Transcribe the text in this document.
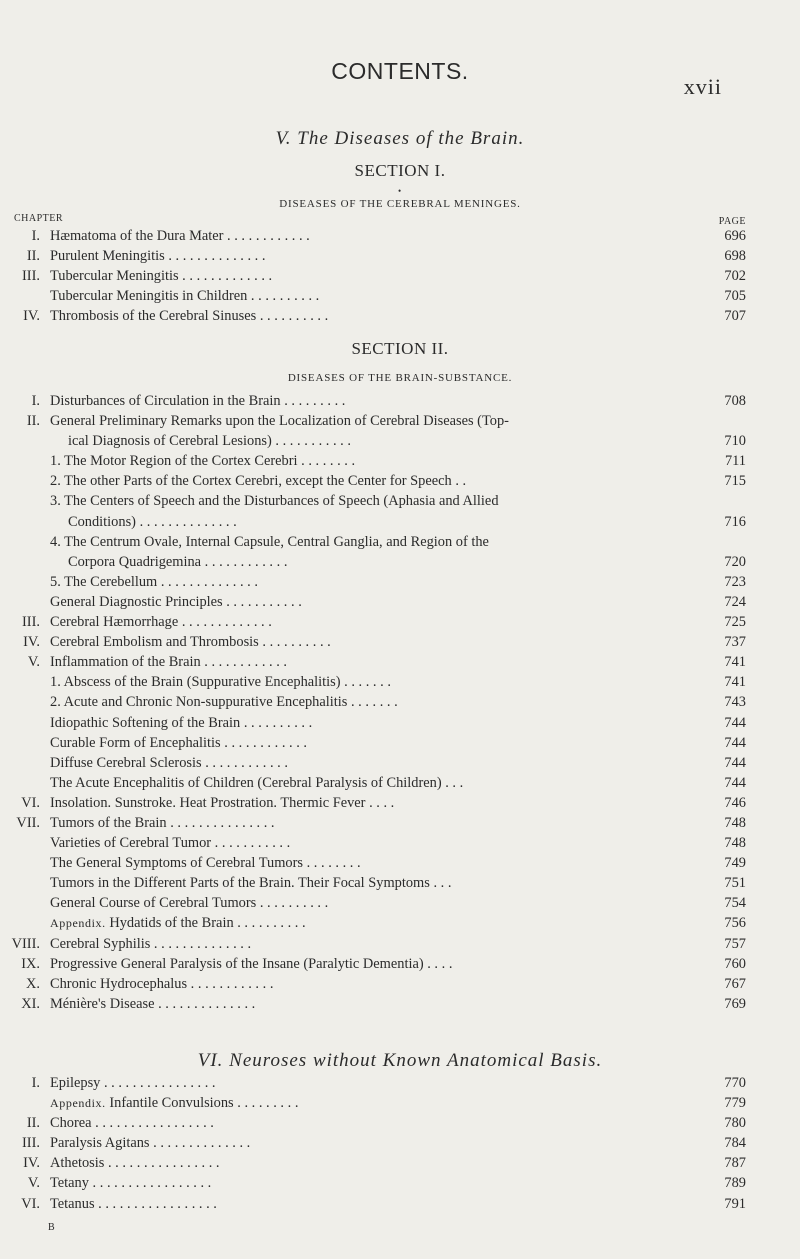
CONTENTS.
xvii
V. The Diseases of the Brain.
SECTION I.
•
DISEASES OF THE CEREBRAL MENINGES.
CHAPTER	PAGE
I. Hæmatoma of the Dura Mater . . . . . . . . . . . .	696
II. Purulent Meningitis . . . . . . . . . . . . . .	698
III. Tubercular Meningitis . . . . . . . . . . . . .	702
Tubercular Meningitis in Children . . . . . . . . . .	705
IV. Thrombosis of the Cerebral Sinuses . . . . . . . . . .	707
SECTION II.
DISEASES OF THE BRAIN-SUBSTANCE.
I. Disturbances of Circulation in the Brain . . . . . . . . .	708
II. General Preliminary Remarks upon the Localization of Cerebral Diseases (Top-
ical Diagnosis of Cerebral Lesions) . . . . . . . . . . .	710
1. The Motor Region of the Cortex Cerebri . . . . . . . .	711
2. The other Parts of the Cortex Cerebri, except the Center for Speech . .	715
3. The Centers of Speech and the Disturbances of Speech (Aphasia and Allied
Conditions) . . . . . . . . . . . . . .	716
4. The Centrum Ovale, Internal Capsule, Central Ganglia, and Region of the
Corpora Quadrigemina . . . . . . . . . . . .	720
5. The Cerebellum . . . . . . . . . . . . . .	723
General Diagnostic Principles . . . . . . . . . . .	724
III. Cerebral Hæmorrhage . . . . . . . . . . . . .	725
IV. Cerebral Embolism and Thrombosis . . . . . . . . . .	737
V. Inflammation of the Brain . . . . . . . . . . . .	741
1. Abscess of the Brain (Suppurative Encephalitis) . . . . . . .	741
2. Acute and Chronic Non-suppurative Encephalitis . . . . . . .	743
Idiopathic Softening of the Brain . . . . . . . . . .	744
Curable Form of Encephalitis . . . . . . . . . . . .	744
Diffuse Cerebral Sclerosis . . . . . . . . . . . .	744
The Acute Encephalitis of Children (Cerebral Paralysis of Children) . . .	744
VI. Insolation. Sunstroke. Heat Prostration. Thermic Fever . . . .	746
VII. Tumors of the Brain . . . . . . . . . . . . . . .	748
Varieties of Cerebral Tumor . . . . . . . . . . .	748
The General Symptoms of Cerebral Tumors . . . . . . . .	749
Tumors in the Different Parts of the Brain. Their Focal Symptoms . . .	751
General Course of Cerebral Tumors . . . . . . . . . .	754
Appendix. Hydatids of the Brain . . . . . . . . . .	756
VIII. Cerebral Syphilis . . . . . . . . . . . . . .	757
IX. Progressive General Paralysis of the Insane (Paralytic Dementia) . . . .	760
X. Chronic Hydrocephalus . . . . . . . . . . . .	767
XI. Ménière's Disease . . . . . . . . . . . . . .	769
VI. Neuroses without Known Anatomical Basis.
I. Epilepsy . . . . . . . . . . . . . . . .	770
Appendix. Infantile Convulsions . . . . . . . . .	779
II. Chorea . . . . . . . . . . . . . . . . .	780
III. Paralysis Agitans . . . . . . . . . . . . . .	784
IV. Athetosis . . . . . . . . . . . . . . . .	787
V. Tetany . . . . . . . . . . . . . . . . .	789
VI. Tetanus . . . . . . . . . . . . . . . . .	791
B
